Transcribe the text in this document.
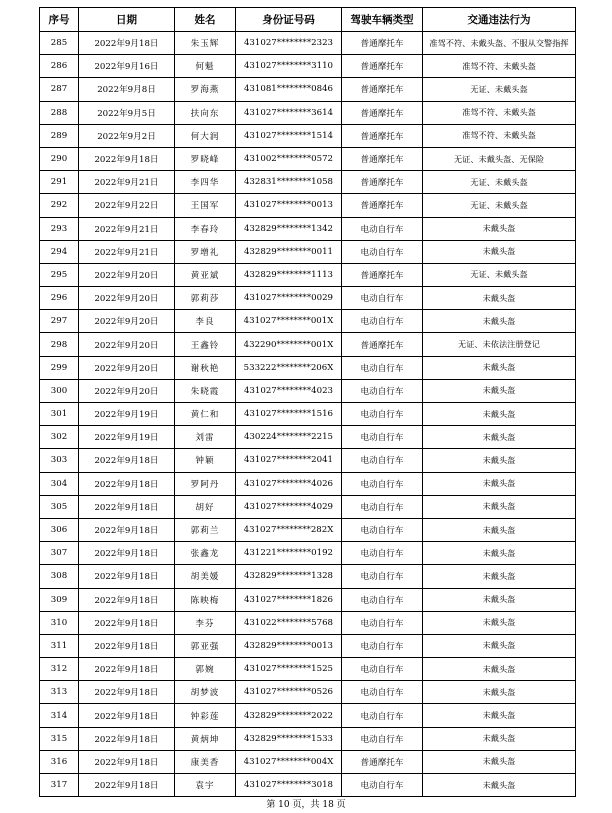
序号	日期	姓名	身份证号码	驾驶车辆类型	交通违法行为
285	2022年9月18日	朱玉辉	431027********2323	普通摩托车	准驾不符、未戴头盔、不服从交警指挥
286	2022年9月16日	何魁	431027********3110	普通摩托车	准驾不符、未戴头盔
287	2022年9月8日	罗海燕	431081********0846	普通摩托车	无证、未戴头盔
288	2022年9月5日	扶向东	431027********3614	普通摩托车	准驾不符、未戴头盔
289	2022年9月2日	何大润	431027********1514	普通摩托车	准驾不符、未戴头盔
290	2022年9月18日	罗晓峰	431002********0572	普通摩托车	无证、未戴头盔、无保险
291	2022年9月21日	李四华	432831********1058	普通摩托车	无证、未戴头盔
292	2022年9月22日	王国军	431027********0013	普通摩托车	无证、未戴头盔
293	2022年9月21日	李春玲	432829********1342	电动自行车	未戴头盔
294	2022年9月21日	罗增礼	432829********0011	电动自行车	未戴头盔
295	2022年9月20日	黄亚斌	432829********1113	普通摩托车	无证、未戴头盔
296	2022年9月20日	郭莉莎	431027********0029	电动自行车	未戴头盔
297	2022年9月20日	李良	431027********001X	电动自行车	未戴头盔
298	2022年9月20日	王鑫铃	432290********001X	普通摩托车	无证、未依法注册登记
299	2022年9月20日	谢秋艳	533222********206X	电动自行车	未戴头盔
300	2022年9月20日	朱晓霞	431027********4023	电动自行车	未戴头盔
301	2022年9月19日	黄仁和	431027********1516	电动自行车	未戴头盔
302	2022年9月19日	刘雷	430224********2215	电动自行车	未戴头盔
303	2022年9月18日	钟颖	431027********2041	电动自行车	未戴头盔
304	2022年9月18日	罗阿丹	431027********4026	电动自行车	未戴头盔
305	2022年9月18日	胡好	431027********4029	电动自行车	未戴头盔
306	2022年9月18日	郭莉兰	431027********282X	电动自行车	未戴头盔
307	2022年9月18日	张鑫龙	431221********0192	电动自行车	未戴头盔
308	2022年9月18日	胡美媛	432829********1328	电动自行车	未戴头盔
309	2022年9月18日	陈映梅	431027********1826	电动自行车	未戴头盔
310	2022年9月18日	李芬	431022********5768	电动自行车	未戴头盔
311	2022年9月18日	郭亚强	432829********0013	电动自行车	未戴头盔
312	2022年9月18日	郭婉	431027********1525	电动自行车	未戴头盔
313	2022年9月18日	胡梦波	431027********0526	电动自行车	未戴头盔
314	2022年9月18日	钟彩莲	432829********2022	电动自行车	未戴头盔
315	2022年9月18日	黄炳坤	432829********1533	电动自行车	未戴头盔
316	2022年9月18日	康美香	431027********004X	普通摩托车	未戴头盔
317	2022年9月18日	袁宇	431027********3018	电动自行车	未戴头盔
第 10 页，共 18 页
